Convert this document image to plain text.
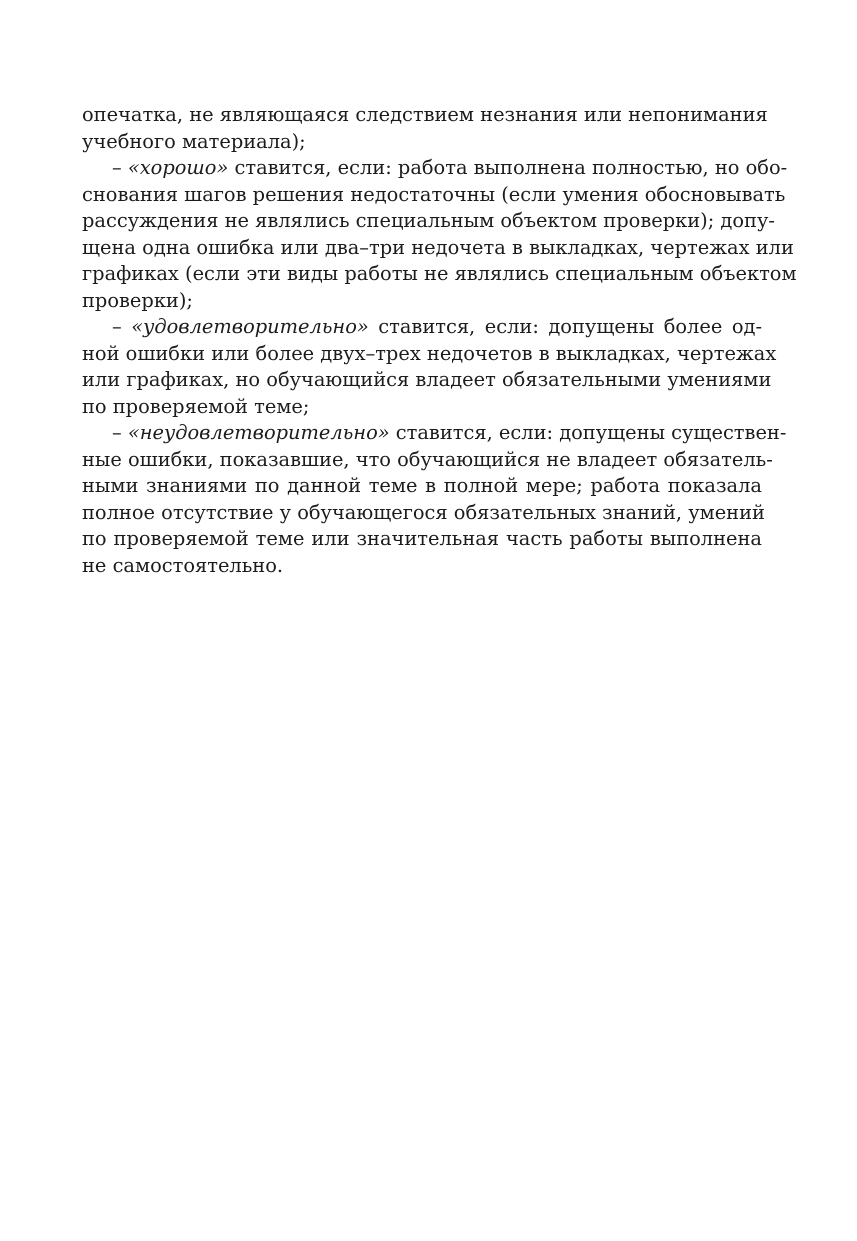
опечатка, не являющаяся следствием незнания или непонимания
учебного материала);
– «хорошо» ставится, если: работа выполнена полностью, но обо-
снования шагов решения недостаточны (если умения обосновывать
рассуждения не являлись специальным объектом проверки); допу-
щена одна ошибка или два–три недочета в выкладках, чертежах или
графиках (если эти виды работы не являлись специальным объектом
проверки);
– «удовлетворительно» ставится, если: допущены более од-
ной ошибки или более двух–трех недочетов в выкладках, чертежах
или графиках, но обучающийся владеет обязательными умениями
по проверяемой теме;
– «неудовлетворительно» ставится, если: допущены существен-
ные ошибки, показавшие, что обучающийся не владеет обязатель-
ными знаниями по данной теме в полной мере; работа показала
полное отсутствие у обучающегося обязательных знаний, умений
по проверяемой теме или значительная часть работы выполнена
не самостоятельно.
